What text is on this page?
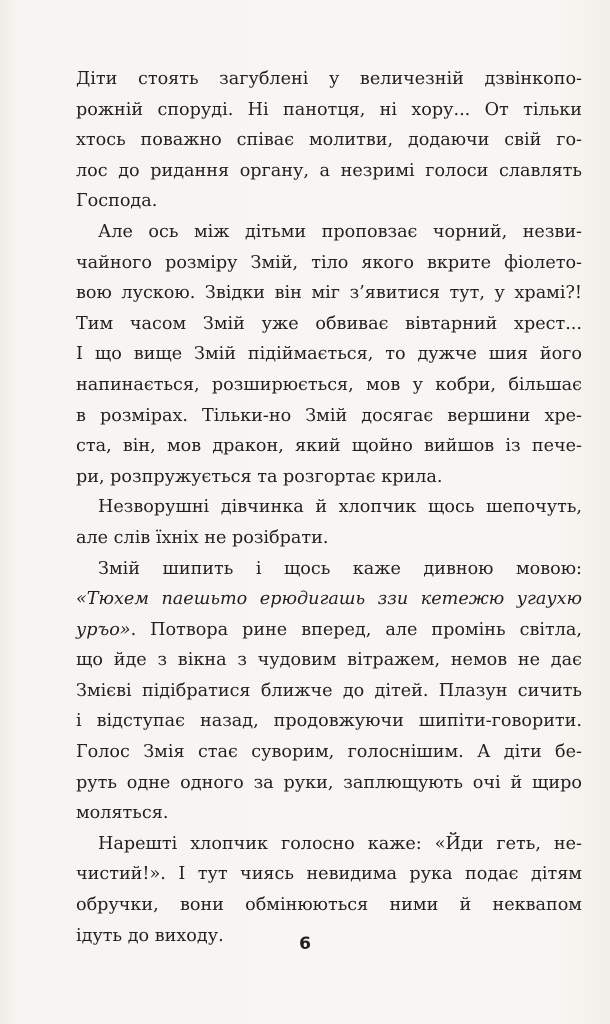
Діти стоять загублені у величезній дзвінкопо-
рожній споруді. Ні панотця, ні хору... От тільки
хтось поважно співає молитви, додаючи свій го-
лос до ридання органу, а незримі голоси славлять
Господа.

Але ось між дітьми проповзає чорний, незви-
чайного розміру Змій, тіло якого вкрите фіолето-
вою лускою. Звідки він міг з’явитися тут, у храмі?!
Тим часом Змій уже обвиває вівтарний хрест...
І що вище Змій підіймається, то дужче шия його
напинається, розширюється, мов у кобри, більшає
в розмірах. Тільки-но Змій досягає вершини хре-
ста, він, мов дракон, який щойно вийшов із пече-
ри, розпружується та розгортає крила.

Незворушні дівчинка й хлопчик щось шепочуть,
але слів їхніх не розібрати.

Змій шипить і щось каже дивною мовою:
«Тюхем паешьто ерюдигашь ззи кетежю угаухю
уръо». Потвора рине вперед, але промінь світла,
що йде з вікна з чудовим вітражем, немов не дає
Змієві підібратися ближче до дітей. Плазун сичить
і відступає назад, продовжуючи шипіти-говорити.
Голос Змія стає суворим, голоснішим. А діти бе-
руть одне одного за руки, заплющують очі й щиро
моляться.

Нарешті хлопчик голосно каже: «Йди геть, не-
чистий!». І тут чиясь невидима рука подає дітям
обручки, вони обмінюються ними й неквапом
ідуть до виходу.	6
